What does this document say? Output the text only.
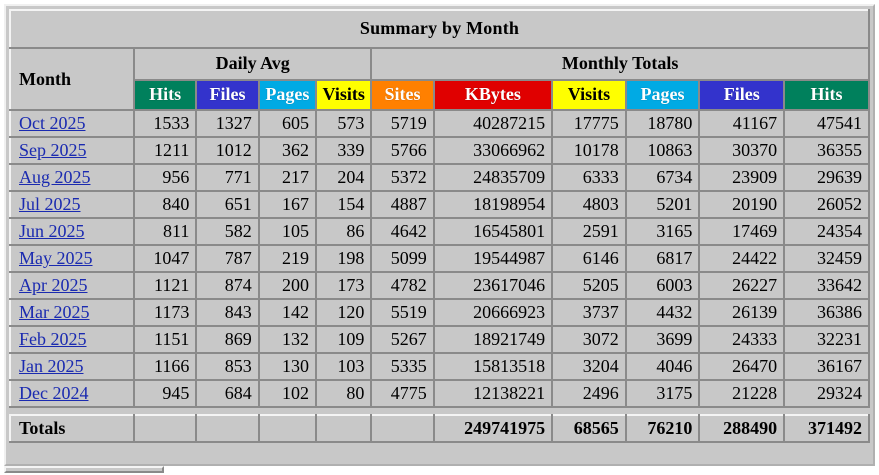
Summary by Month										
Month	Daily Avg				Monthly Totals					
	Hits	Files	Pages	Visits	Sites	KBytes	Visits	Pages	Files	Hits
Oct 2025	1533	1327	605	573	5719	40287215	17775	18780	41167	47541
Sep 2025	1211	1012	362	339	5766	33066962	10178	10863	30370	36355
Aug 2025	956	771	217	204	5372	24835709	6333	6734	23909	29639
Jul 2025	840	651	167	154	4887	18198954	4803	5201	20190	26052
Jun 2025	811	582	105	86	4642	16545801	2591	3165	17469	24354
May 2025	1047	787	219	198	5099	19544987	6146	6817	24422	32459
Apr 2025	1121	874	200	173	4782	23617046	5205	6003	26227	33642
Mar 2025	1173	843	142	120	5519	20666923	3737	4432	26139	36386
Feb 2025	1151	869	132	109	5267	18921749	3072	3699	24333	32231
Jan 2025	1166	853	130	103	5335	15813518	3204	4046	26470	36167
Dec 2024	945	684	102	80	4775	12138221	2496	3175	21228	29324

Totals						249741975	68565	76210	288490	371492
